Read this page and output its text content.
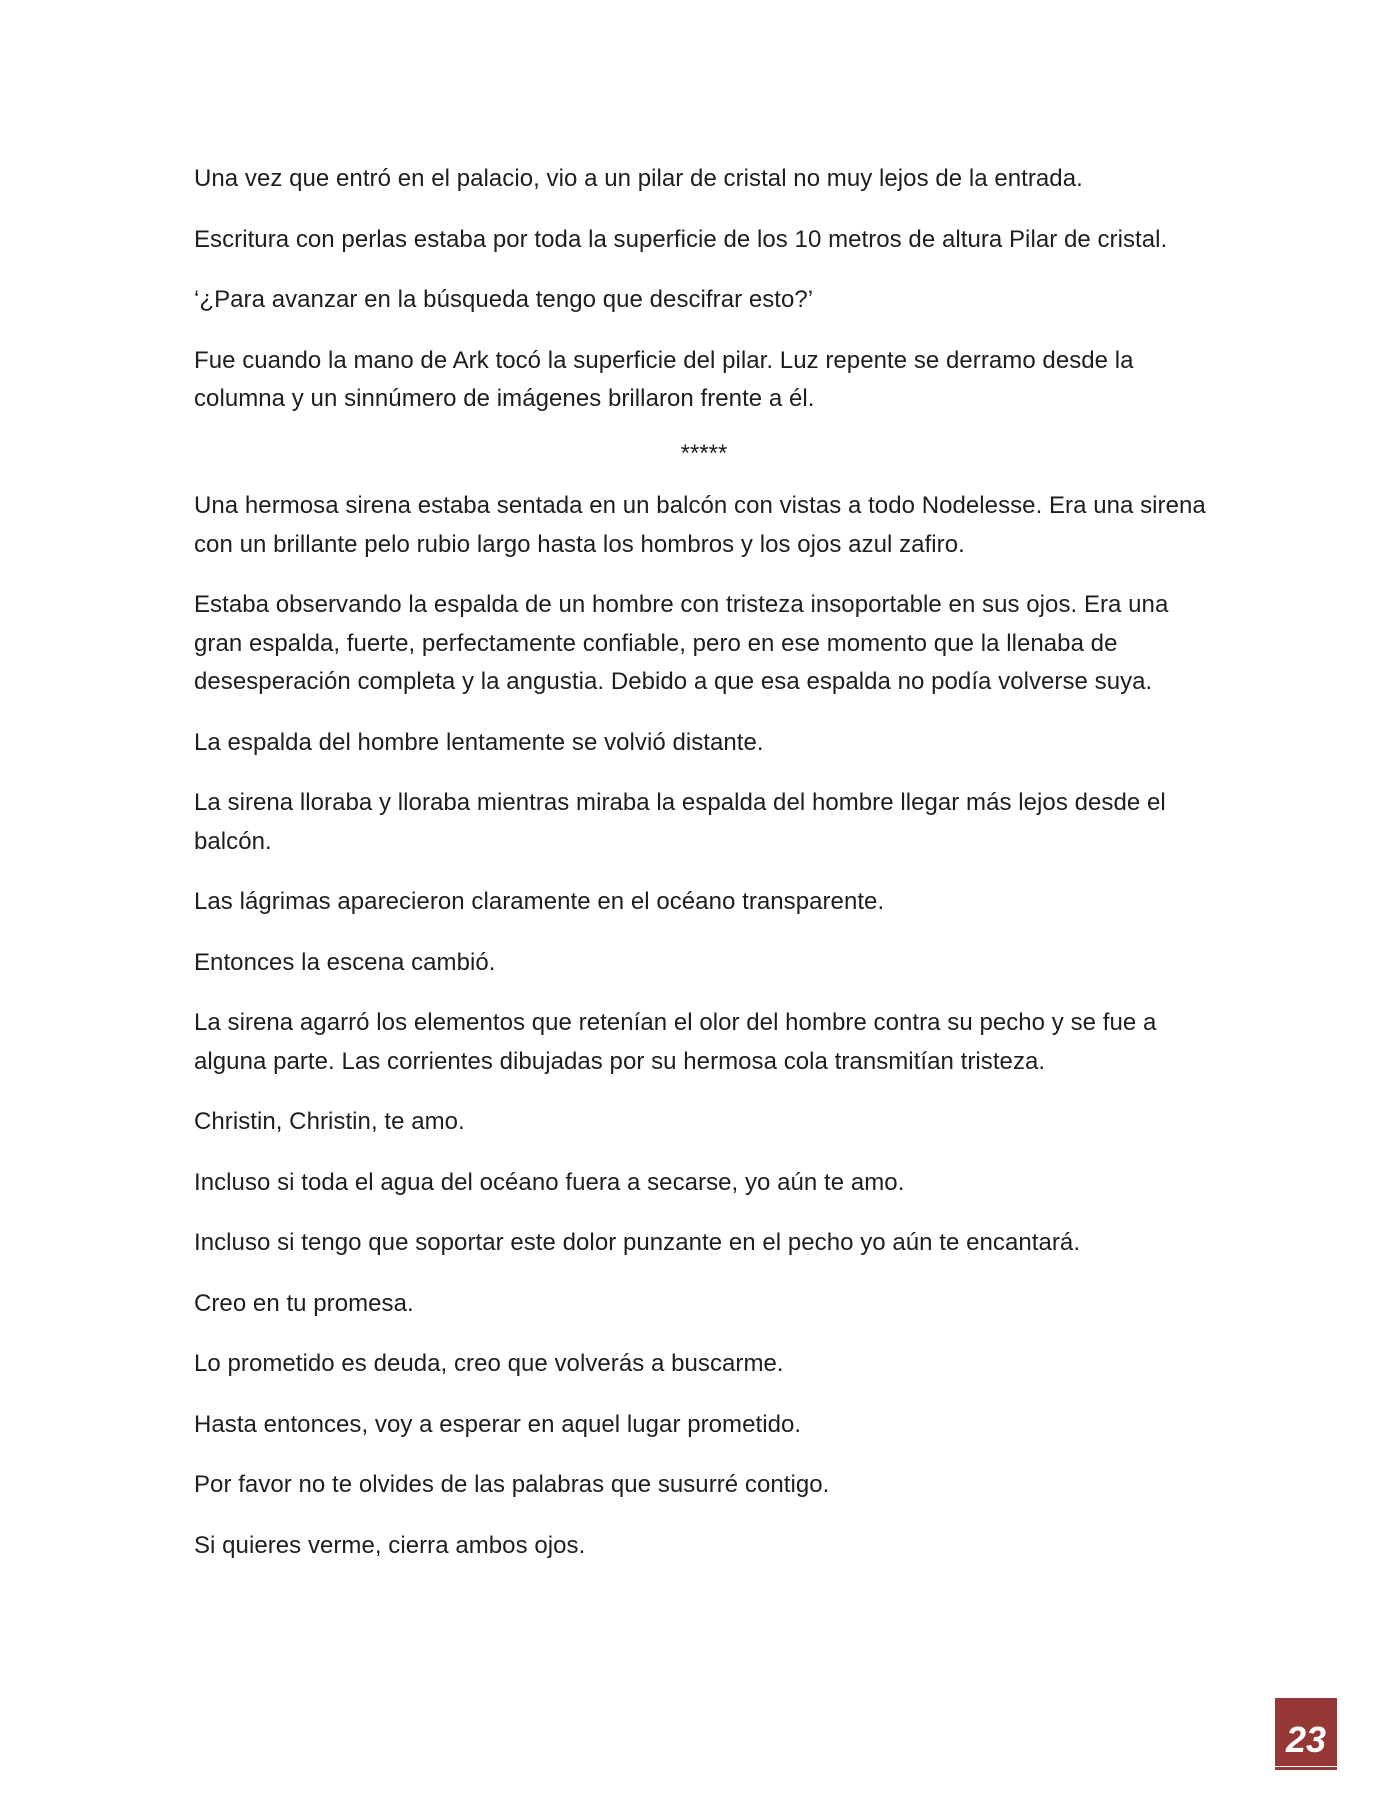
Una vez que entró en el palacio, vio a un pilar de cristal no muy lejos de la entrada.

Escritura con perlas estaba por toda la superficie de los 10 metros de altura Pilar de cristal.

‘¿Para avanzar en la búsqueda tengo que descifrar esto?’

Fue cuando la mano de Ark tocó la superficie del pilar. Luz repente se derramo desde la columna y un sinnúmero de imágenes brillaron frente a él.

*****

Una hermosa sirena estaba sentada en un balcón con vistas a todo Nodelesse. Era una sirena con un brillante pelo rubio largo hasta los hombros y los ojos azul zafiro.

Estaba observando la espalda de un hombre con tristeza insoportable en sus ojos. Era una gran espalda, fuerte, perfectamente confiable, pero en ese momento que la llenaba de desesperación completa y la angustia. Debido a que esa espalda no podía volverse suya.

La espalda del hombre lentamente se volvió distante.

La sirena lloraba y lloraba mientras miraba la espalda del hombre llegar más lejos desde el balcón.

Las lágrimas aparecieron claramente en el océano transparente.

Entonces la escena cambió.

La sirena agarró los elementos que retenían el olor del hombre contra su pecho y se fue a alguna parte. Las corrientes dibujadas por su hermosa cola transmitían tristeza.

Christin, Christin, te amo.

Incluso si toda el agua del océano fuera a secarse, yo aún te amo.

Incluso si tengo que soportar este dolor punzante en el pecho yo aún te encantará.

Creo en tu promesa.

Lo prometido es deuda, creo que volverás a buscarme.

Hasta entonces, voy a esperar en aquel lugar prometido.

Por favor no te olvides de las palabras que susurré contigo.

Si quieres verme, cierra ambos ojos.

23
